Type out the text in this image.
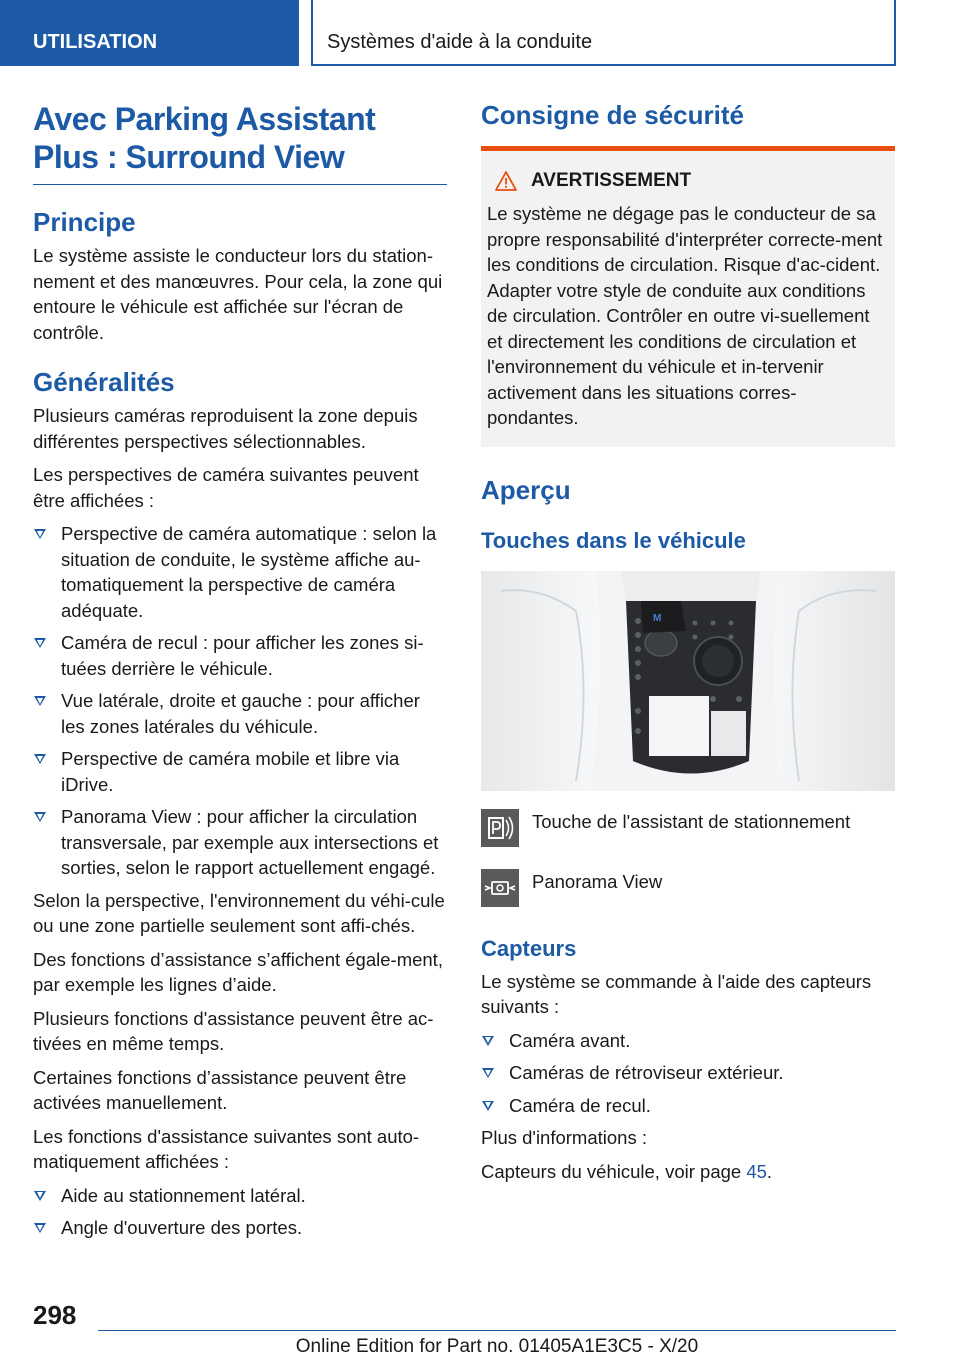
UTILISATION	Systèmes d'aide à la conduite
Avec Parking Assistant
Plus : Surround View
Principe

Le système assiste le conducteur lors du station-nement et des manœuvres. Pour cela, la zone qui entoure le véhicule est affichée sur l'écran de contrôle.

Généralités

Plusieurs caméras reproduisent la zone depuis différentes perspectives sélectionnables.

Les perspectives de caméra suivantes peuvent être affichées :

Perspective de caméra automatique : selon la situation de conduite, le système affiche au-tomatiquement la perspective de caméra adéquate.
Caméra de recul : pour afficher les zones si-tuées derrière le véhicule.
Vue latérale, droite et gauche : pour afficher les zones latérales du véhicule.
Perspective de caméra mobile et libre via iDrive.
Panorama View : pour afficher la circulation transversale, par exemple aux intersections et sorties, selon le rapport actuellement engagé.

Selon la perspective, l'environnement du véhi-cule ou une zone partielle seulement sont affi-chés.

Des fonctions d’assistance s’affichent égale-ment, par exemple les lignes d’aide.

Plusieurs fonctions d'assistance peuvent être ac-tivées en même temps.

Certaines fonctions d’assistance peuvent être activées manuellement.

Les fonctions d'assistance suivantes sont auto-matiquement affichées :

Aide au stationnement latéral.
Angle d'ouverture des portes.
Consigne de sécurité
AVERTISSEMENT

Le système ne dégage pas le conducteur de sa propre responsabilité d'interpréter correcte-ment les conditions de circulation. Risque d'ac-cident. Adapter votre style de conduite aux conditions de circulation. Contrôler en outre vi-suellement et directement les conditions de circulation et l'environnement du véhicule et in-tervenir activement dans les situations corres-pondantes.

Aperçu
Touches dans le véhicule
M

Touche de l'assistant de stationnement

Panorama View

Capteurs

Le système se commande à l'aide des capteurs suivants :

Caméra avant.
Caméras de rétroviseur extérieur.
Caméra de recul.

Plus d'informations :

Capteurs du véhicule, voir page 45.

298
Online Edition for Part no. 01405A1E3C5 - X/20
